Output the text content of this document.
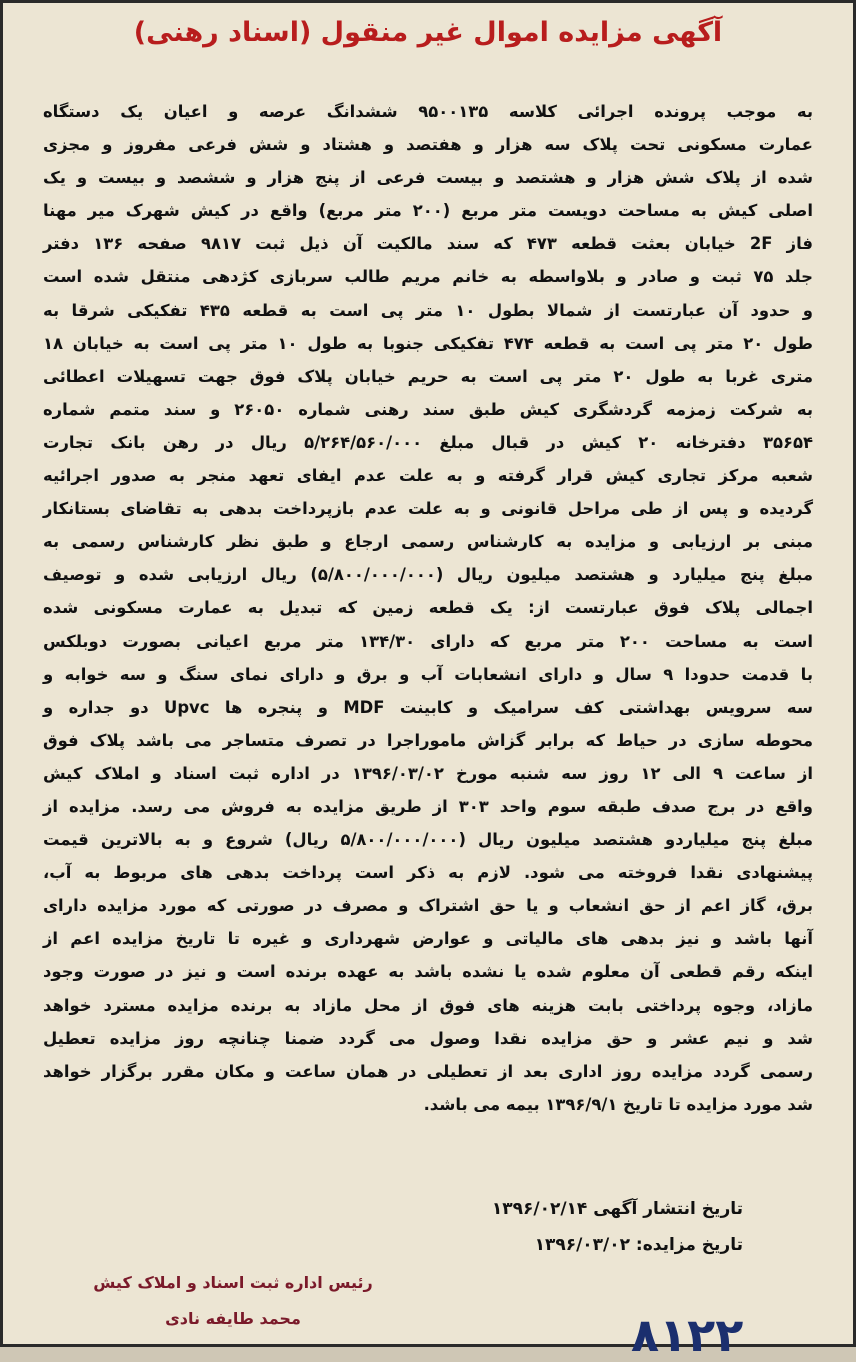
آگهی مزایده اموال غیر منقول (اسناد رهنی)
به موجب پرونده اجرائی کلاسه ۹۵۰۰۱۳۵ ششدانگ عرصه و اعیان یک دستگاه
عمارت مسکونی تحت پلاک سه هزار و هفتصد و هشتاد و شش فرعی مفروز و مجزی
شده از پلاک شش هزار و هشتصد و بیست فرعی از پنج هزار و ششصد و بیست و یک
اصلی کیش به مساحت دویست متر مربع (۲۰۰ متر مربع) واقع در کیش شهرک میر مهنا
فاز 2F خیابان بعثت قطعه ۴۷۳ که سند مالکیت آن ذیل ثبت ۹۸۱۷ صفحه ۱۳۶ دفتر
جلد ۷۵ ثبت و صادر و بلاواسطه به خانم مریم طالب سربازی کژدهی منتقل شده است
و حدود آن عبارتست از شمالا بطول ۱۰ متر پی است به قطعه ۴۳۵ تفکیکی شرقا به
طول ۲۰ متر پی است به قطعه ۴۷۴ تفکیکی جنوبا به طول ۱۰ متر پی است به خیابان ۱۸
متری غربا به طول ۲۰ متر پی است به حریم خیابان پلاک فوق جهت تسهیلات اعطائی
به شرکت زمزمه گردشگری کیش طبق سند رهنی شماره ۲۶۰۵۰ و سند متمم شماره
۳۵۶۵۴ دفترخانه ۲۰ کیش در قبال مبلغ ۵/۲۶۴/۵۶۰/۰۰۰ ریال در رهن بانک تجارت
شعبه مرکز تجاری کیش قرار گرفته و به علت عدم ایفای تعهد منجر به صدور اجرائیه
گردیده و پس از طی مراحل قانونی و به علت عدم بازپرداخت بدهی به تقاضای بستانکار
مبنی بر ارزیابی و مزایده به کارشناس رسمی ارجاع و طبق نظر کارشناس رسمی به
مبلغ پنج میلیارد و هشتصد میلیون ریال (۵/۸۰۰/۰۰۰/۰۰۰) ریال ارزیابی شده و توصیف
اجمالی پلاک فوق عبارتست از: یک قطعه زمین که تبدیل به عمارت مسکونی شده
است به مساحت ۲۰۰ متر مربع که دارای ۱۳۴/۳۰ متر مربع اعیانی بصورت دوبلکس
با قدمت حدودا ۹ سال و دارای انشعابات آب و برق و دارای نمای سنگ و سه خوابه و
سه سرویس بهداشتی کف سرامیک و کابینت MDF و پنجره ها Upvc دو جداره و
محوطه سازی در حیاط که برابر گزاش ماموراجرا در تصرف متساجر می باشد پلاک فوق
از ساعت ۹ الی ۱۲ روز سه شنبه مورخ ۱۳۹۶/۰۳/۰۲ در اداره ثبت اسناد و املاک کیش
واقع در برج صدف طبقه سوم واحد ۳۰۳ از طریق مزایده به فروش می رسد. مزایده از
مبلغ پنج میلیاردو هشتصد میلیون ریال (۵/۸۰۰/۰۰۰/۰۰۰ ریال) شروع و به بالاترین قیمت
پیشنهادی نقدا فروخته می شود. لازم به ذکر است پرداخت بدهی های مربوط به آب،
برق، گاز اعم از حق انشعاب و یا حق اشتراک و مصرف در صورتی که مورد مزایده دارای
آنها باشد و نیز بدهی های مالیاتی و عوارض شهرداری و غیره تا تاریخ مزایده اعم از
اینکه رقم قطعی آن معلوم شده یا نشده باشد به عهده برنده است و نیز در صورت وجود
مازاد، وجوه پرداختی بابت هزینه های فوق از محل مازاد به برنده مزایده مسترد خواهد
شد و نیم عشر و حق مزایده نقدا وصول می گردد ضمنا چنانچه روز مزایده تعطیل
رسمی گردد مزایده روز اداری بعد از تعطیلی در همان ساعت و مکان مقرر برگزار خواهد
شد مورد مزایده تا تاریخ ۱۳۹۶/۹/۱ بیمه می باشد.
تاریخ انتشار آگهی ۱۳۹۶/۰۲/۱۴
تاریخ مزایده: ۱۳۹۶/۰۳/۰۲
رئیس اداره ثبت اسناد و املاک کیش
محمد طایفه نادی	۸۱۲۲
